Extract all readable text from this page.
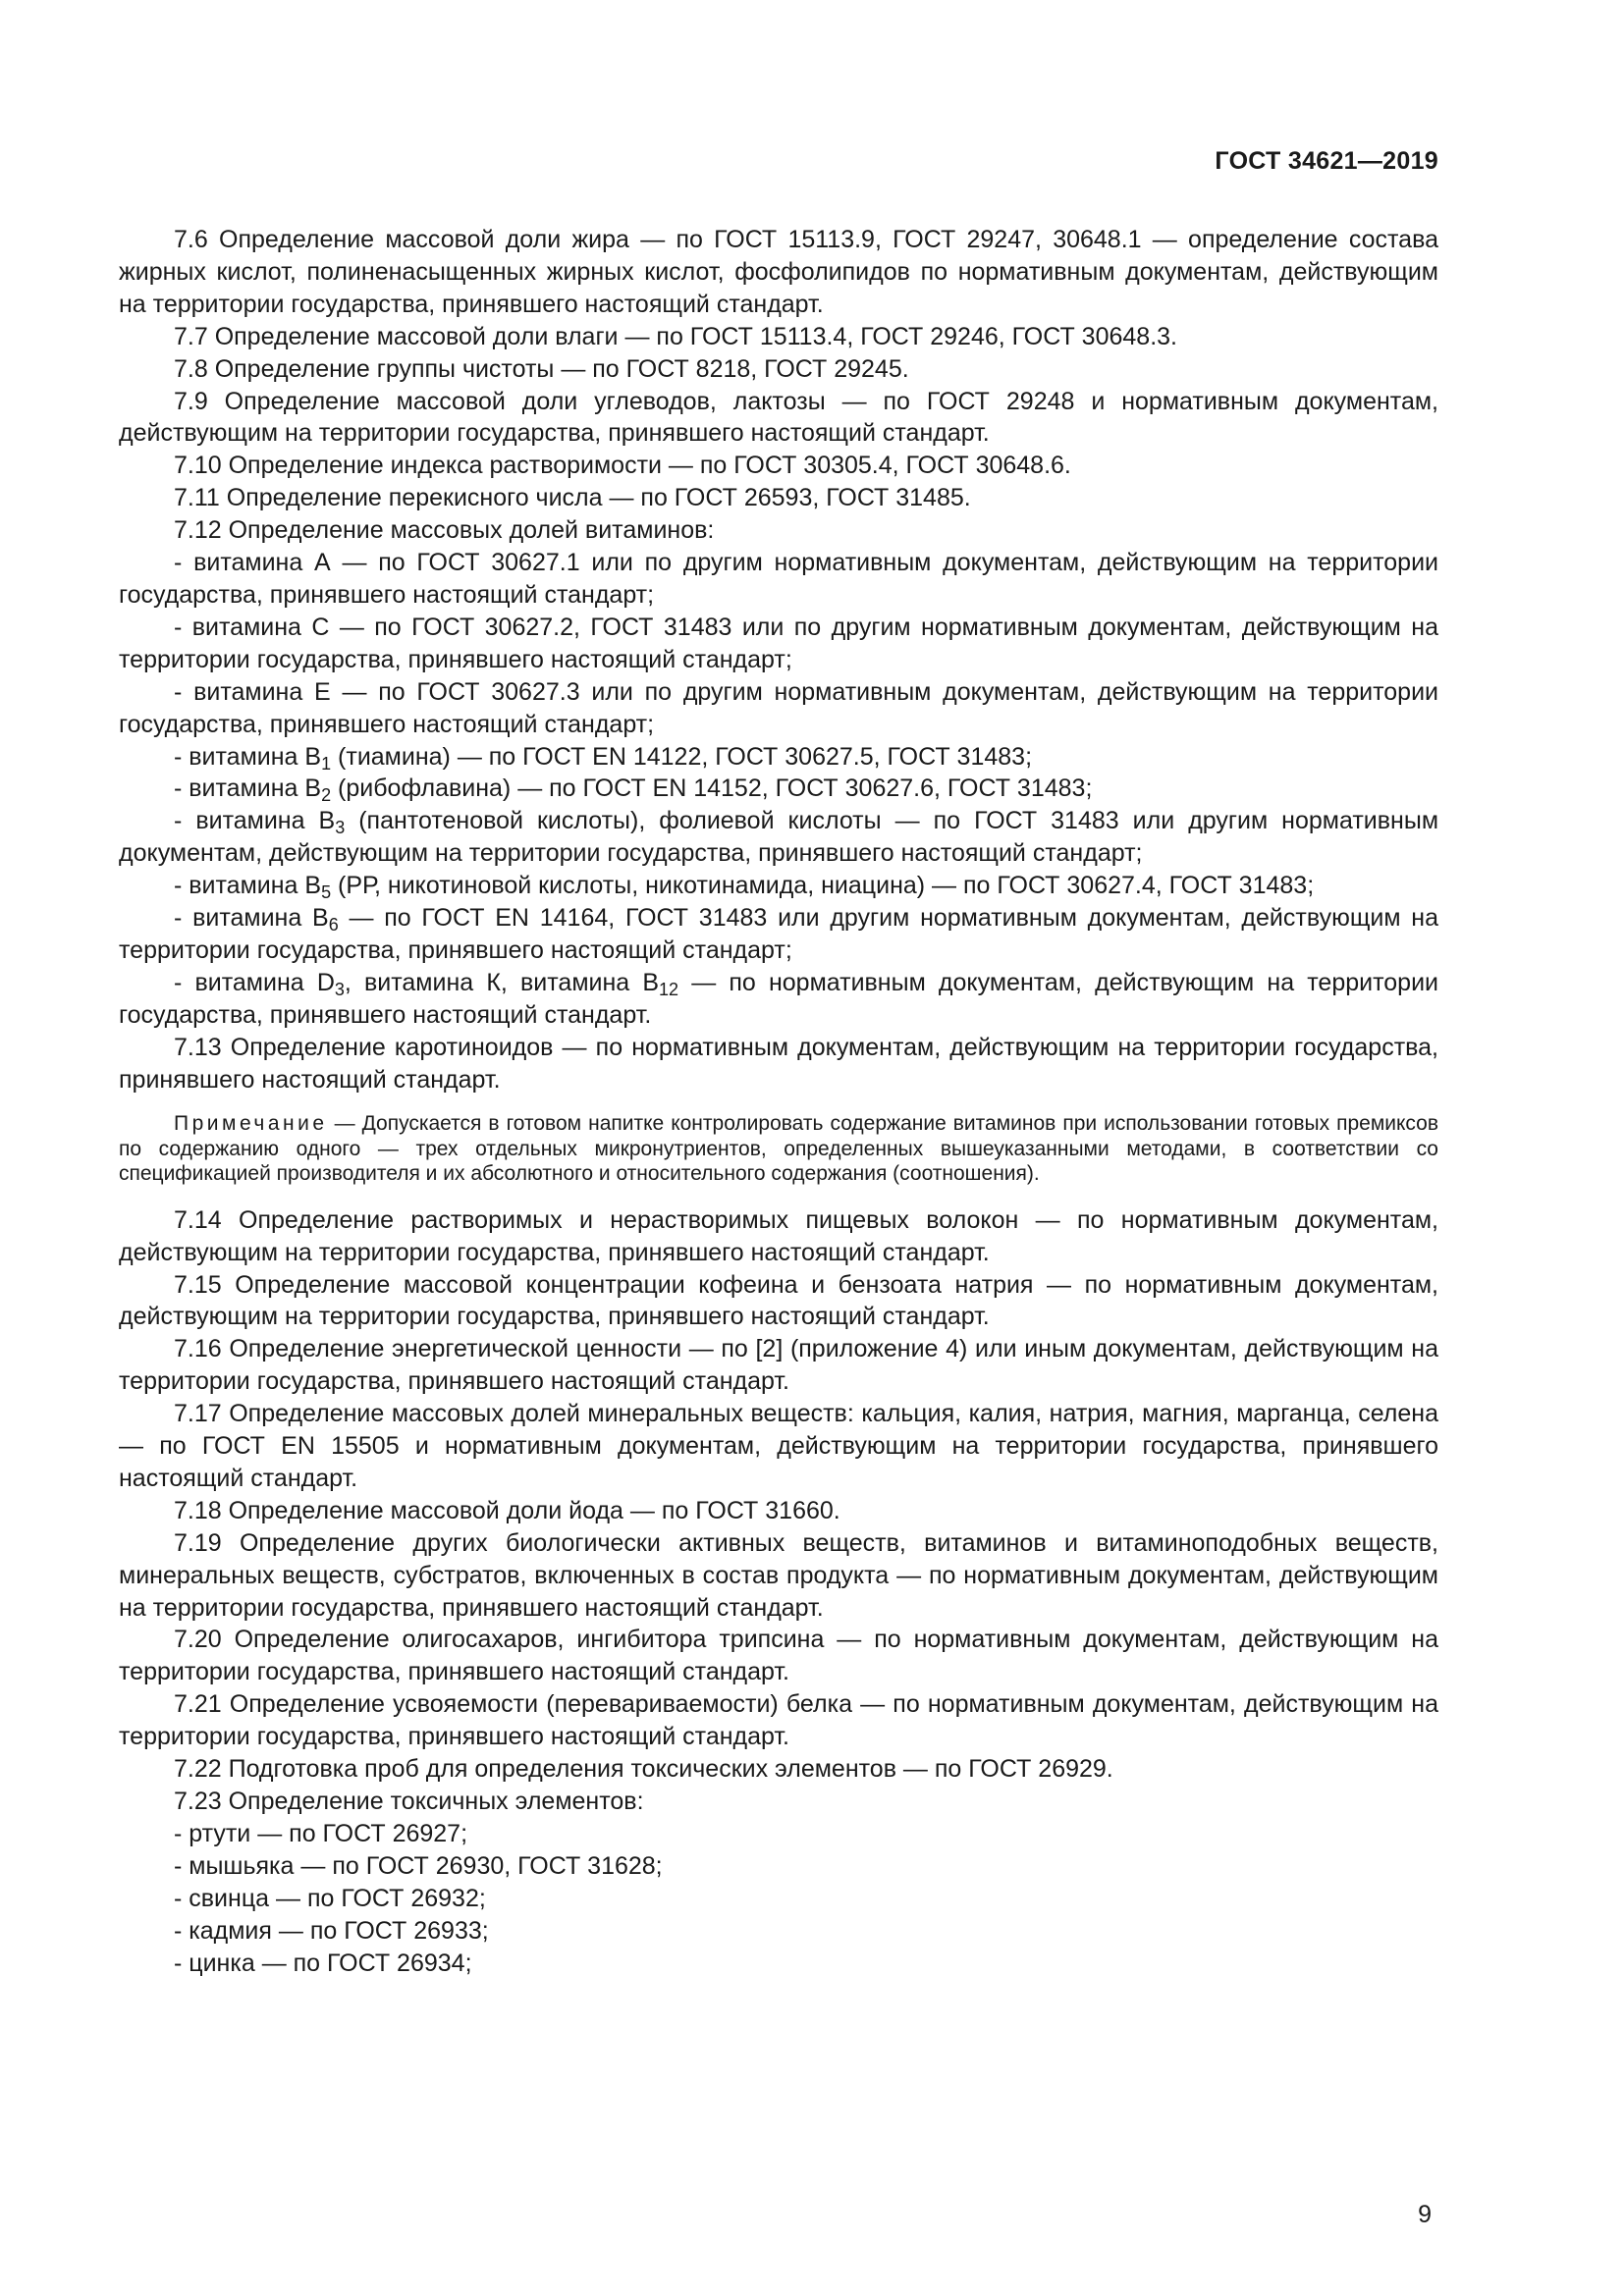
ГОСТ 34621—2019
7.6 Определение массовой доли жира — по ГОСТ 15113.9, ГОСТ 29247, 30648.1 — определение состава жирных кислот, полиненасыщенных жирных кислот, фосфолипидов по нормативным документам, действующим на территории государства, принявшего настоящий стандарт.
7.7 Определение массовой доли влаги — по ГОСТ 15113.4, ГОСТ 29246, ГОСТ 30648.3.
7.8 Определение группы чистоты — по ГОСТ 8218, ГОСТ 29245.
7.9 Определение массовой доли углеводов, лактозы — по ГОСТ 29248 и нормативным документам, действующим на территории государства, принявшего настоящий стандарт.
7.10 Определение индекса растворимости — по ГОСТ 30305.4, ГОСТ 30648.6.
7.11 Определение перекисного числа — по ГОСТ 26593, ГОСТ 31485.
7.12 Определение массовых долей витаминов:
- витамина А — по ГОСТ 30627.1 или по другим нормативным документам, действующим на территории государства, принявшего настоящий стандарт;
- витамина С — по ГОСТ 30627.2, ГОСТ 31483 или по другим нормативным документам, действующим на территории государства, принявшего настоящий стандарт;
- витамина Е — по ГОСТ 30627.3 или по другим нормативным документам, действующим на территории государства, принявшего настоящий стандарт;
- витамина $В_1$ (тиамина) — по ГОСТ EN 14122, ГОСТ 30627.5, ГОСТ 31483;
- витамина $В_2$ (рибофлавина) — по ГОСТ EN 14152, ГОСТ 30627.6, ГОСТ 31483;
- витамина $В_3$ (пантотеновой кислоты), фолиевой кислоты — по ГОСТ 31483 или другим нормативным документам, действующим на территории государства, принявшего настоящий стандарт;
- витамина $В_5$ (РР, никотиновой кислоты, никотинамида, ниацина) — по ГОСТ 30627.4, ГОСТ 31483;
- витамина $В_6$ — по ГОСТ EN 14164, ГОСТ 31483 или другим нормативным документам, действующим на территории государства, принявшего настоящий стандарт;
- витамина $D_3$, витамина К, витамина $В_{12}$ — по нормативным документам, действующим на территории государства, принявшего настоящий стандарт.
7.13 Определение каротиноидов — по нормативным документам, действующим на территории государства, принявшего настоящий стандарт.
Примечание — Допускается в готовом напитке контролировать содержание витаминов при использовании готовых премиксов по содержанию одного — трех отдельных микронутриентов, определенных вышеуказанными методами, в соответствии со спецификацией производителя и их абсолютного и относительного содержания (соотношения).
7.14 Определение растворимых и нерастворимых пищевых волокон — по нормативным документам, действующим на территории государства, принявшего настоящий стандарт.
7.15 Определение массовой концентрации кофеина и бензоата натрия — по нормативным документам, действующим на территории государства, принявшего настоящий стандарт.
7.16 Определение энергетической ценности — по [2] (приложение 4) или иным документам, действующим на территории государства, принявшего настоящий стандарт.
7.17 Определение массовых долей минеральных веществ: кальция, калия, натрия, магния, марганца, селена — по ГОСТ EN 15505 и нормативным документам, действующим на территории государства, принявшего настоящий стандарт.
7.18 Определение массовой доли йода — по ГОСТ 31660.
7.19 Определение других биологически активных веществ, витаминов и витаминоподобных веществ, минеральных веществ, субстратов, включенных в состав продукта — по нормативным документам, действующим на территории государства, принявшего настоящий стандарт.
7.20 Определение олигосахаров, ингибитора трипсина — по нормативным документам, действующим на территории государства, принявшего настоящий стандарт.
7.21 Определение усвояемости (перевариваемости) белка — по нормативным документам, действующим на территории государства, принявшего настоящий стандарт.
7.22 Подготовка проб для определения токсических элементов — по ГОСТ 26929.
7.23 Определение токсичных элементов:
- ртути — по ГОСТ 26927;
- мышьяка — по ГОСТ 26930, ГОСТ 31628;
- свинца — по ГОСТ 26932;
- кадмия — по ГОСТ 26933;
- цинка — по ГОСТ 26934;
9
